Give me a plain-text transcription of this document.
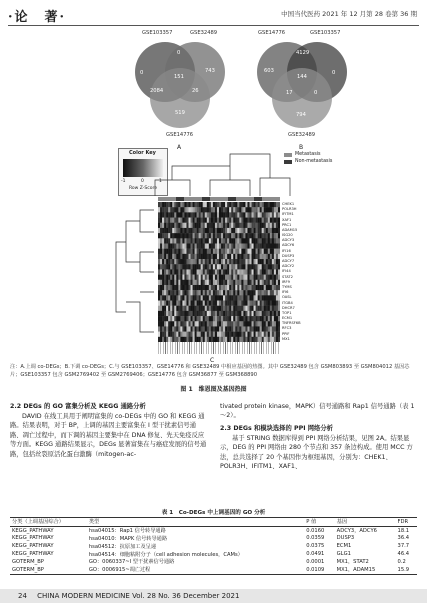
·论　著·	中国当代医药 2021 年 12 月第 28 卷第 36 期
GSE103357	GSE32489
GSE14776
0
743
151
2084	26
519
0
A
GSE14776	GSE103357
GSE32489
4129
603
144
17	0
794
0
B
Color Key
-1	0	1
Row Z-Score
Metastasis
Non-metastasis
CHEK1
POLR3H
IFITM1
XAF1
PRC1
ADAM15
ISG20
ADCY3
ADCY6
IFI16
DUSP3
ADCY7
ADCY2
IFI44
STAT2
IRF9
TYMS
IFI6
OASL
ITGB4
DHCR7
TOP1
ECM1
TNFRSF6B
RFC3
PPIF
MX1
C
注：A.上调 co-DEGs；B.下调 co-DEGs；C.与 GSE103357、GSE14776 和 GSE32489 中相应基因的热图。其中 GSE32489 包含 GSM803893 至 GSM804012 基因芯片；GSE103357 包含 GSM2769402 至 GSM2769406；GSE14776 包含 GSM36877 至 GSM368890
图 1　维恩图及基因热图
2.2 DEGs 的 GO 富集分析及 KEGG 通路分析
DAVID 在线工具用于阐明富集的 co-DEGs 中的 GO 和 KEGG 通路。结果表明，对于 BP，上调的基因主要富集在 I 型干扰素信号通路、凋亡过程中，而下调的基因主要集中在 DNA 修复、先天免疫反应等方面。KEGG 通路结果显示，DEGs 显著富集在与癌症发展的信号通路，包括丝裂原活化蛋白激酶（mitogen-ac-
tivated protein kinase，MAPK）信号通路和 Rap1 信号通路（表 1～2）。
2.3 DEGs 和模块选择的 PPI 网络分析
基于 STRING 数据库得到 PPI 网络分析结果，见图 2A。结果显示，DEG 的 PPI 网络由 280 个节点和 357 条边构成。使用 MCC 方法，总共选择了 20 个基因作为枢纽基因，分别为：CHEK1、POLR3H、IFITM1、XAF1、
表 1　Co-DEGs 中上调基因的 GO 分析
分类（上调基因综合）	类型	P 值	基因	FDR
KEGG_PATHWAY	hsa04015：Rap1 信号转导通路	0.0160	ADCY3，ADCY6	18.1
KEGG_PATHWAY	hsa04010：MAPK 信号转导通路	0.0359	DUSP3	36.4
KEGG_PATHWAY	hsa04512：抗原加工及呈递	0.0375	ECM1	37.7
KEGG_PATHWAY	hsa04514：细胞粘附分子（cell adhesion molecules，CAMs）	0.0491	GLG1	46.4
GOTERM_BP	GO：0060337~I 型干扰素信号通路	0.0001	MX1，STAT2	0.2
GOTERM_BP	GO：0006915~凋亡过程	0.0109	MX1，ADAM15	15.9
24 CHINA MODERN MEDICINE Vol. 28 No. 36 December 2021
